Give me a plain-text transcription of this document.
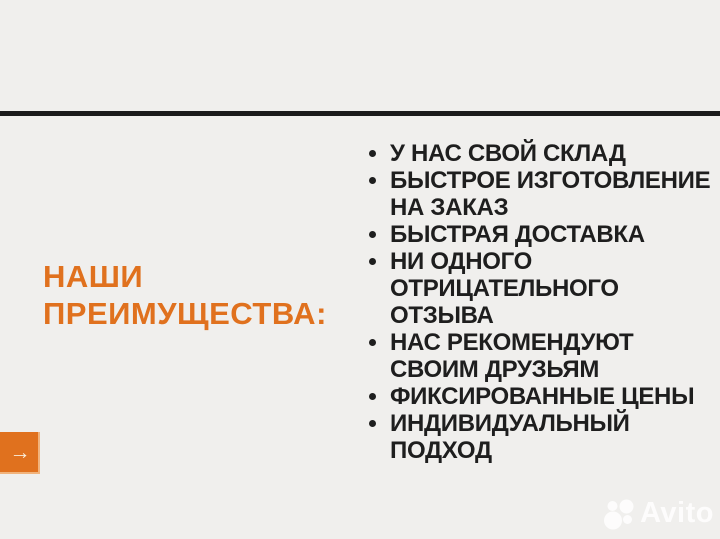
НАШИ
ПРЕИМУЩЕСТВА:
У НАС СВОЙ СКЛАД
БЫСТРОЕ ИЗГОТОВЛЕНИЕ
НА ЗАКАЗ
БЫСТРАЯ ДОСТАВКА
НИ ОДНОГО
ОТРИЦАТЕЛЬНОГО
ОТЗЫВА
НАС РЕКОМЕНДУЮТ
СВОИМ ДРУЗЬЯМ
ФИКСИРОВАННЫЕ ЦЕНЫ
ИНДИВИДУАЛЬНЫЙ
ПОДХОД
→
Avito
